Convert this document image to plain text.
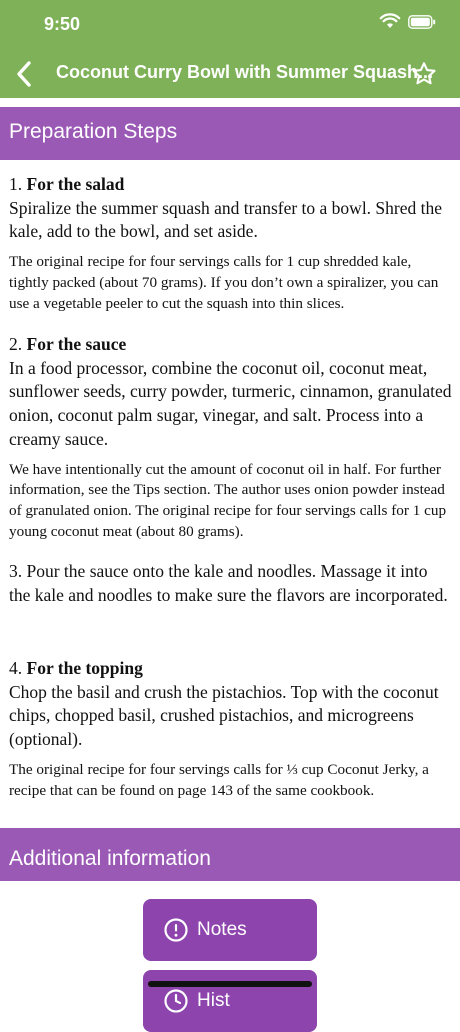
9:50
Coconut Curry Bowl with Summer Squash...
Preparation Steps
1. For the salad
Spiralize the summer squash and transfer to a bowl. Shred the kale, add to the bowl, and set aside.
The original recipe for four servings calls for 1 cup shredded kale, tightly packed (about 70 grams). If you don’t own a spiralizer, you can use a vegetable peeler to cut the squash into thin slices.
2. For the sauce
In a food processor, combine the coconut oil, coconut meat, sunflower seeds, curry powder, turmeric, cinnamon, granulated onion, coconut palm sugar, vinegar, and salt. Process into a creamy sauce.
We have intentionally cut the amount of coconut oil in half. For further information, see the Tips section. The author uses onion powder instead of granulated onion. The original recipe for four servings calls for 1 cup young coconut meat (about 80 grams).
3. Pour the sauce onto the kale and noodles. Massage it into the kale and noodles to make sure the flavors are incorporated.
4. For the topping
Chop the basil and crush the pistachios. Top with the coconut chips, chopped basil, crushed pistachios, and microgreens (optional).
The original recipe for four servings calls for ⅓ cup Coconut Jerky, a recipe that can be found on page 143 of the same cookbook.
Additional information
Notes
Hist
